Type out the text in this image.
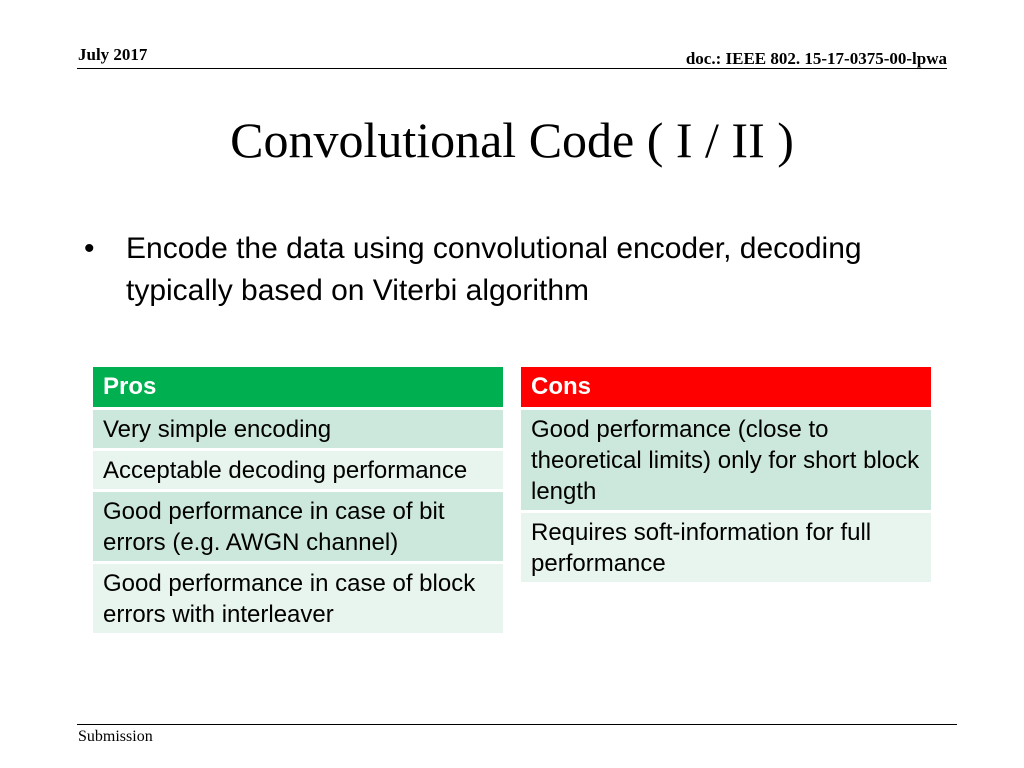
July 2017	doc.: IEEE 802. 15-17-0375-00-lpwa
Convolutional Code ( I / II )
•	Encode the data using convolutional encoder, decoding typically based on Viterbi algorithm
Pros
Very simple encoding
Acceptable decoding performance
Good performance in case of bit errors (e.g. AWGN channel)
Good performance in case of block errors with interleaver
Cons
Good performance (close to theoretical limits) only for short block length
Requires soft-information for full performance
Submission
